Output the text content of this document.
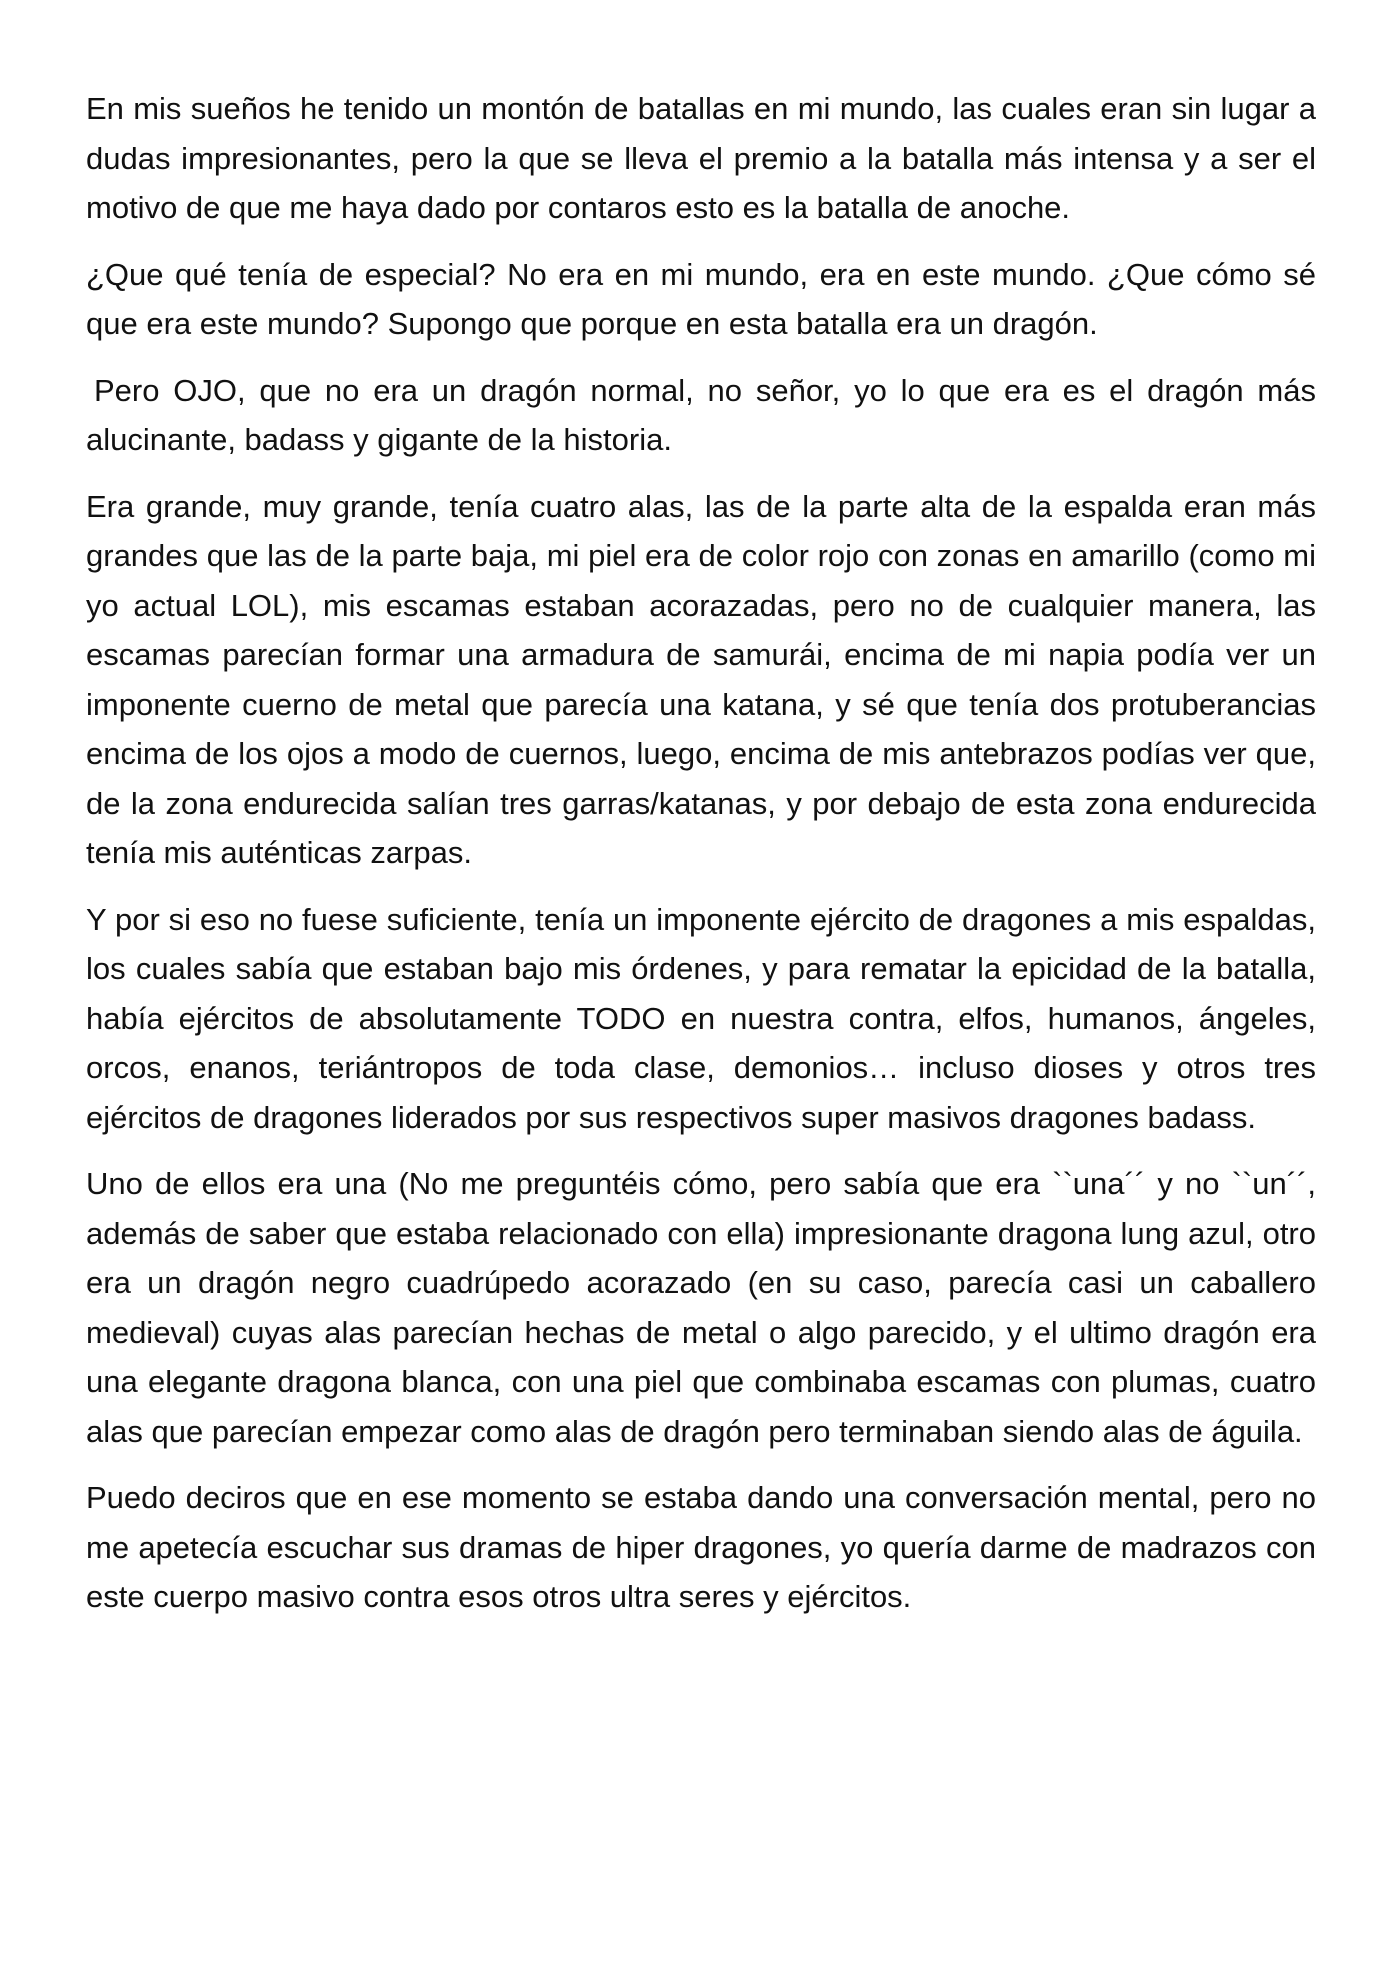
En mis sueños he tenido un montón de batallas en mi mundo, las cuales eran sin lugar a dudas impresionantes, pero la que se lleva el premio a la batalla más intensa y a ser el motivo de que me haya dado por contaros esto es la batalla de anoche.

¿Que qué tenía de especial? No era en mi mundo, era en este mundo. ¿Que cómo sé que era este mundo? Supongo que porque en esta batalla era un dragón.

Pero OJO, que no era un dragón normal, no señor, yo lo que era es el dragón más alucinante, badass y gigante de la historia.

Era grande, muy grande, tenía cuatro alas, las de la parte alta de la espalda eran más grandes que las de la parte baja, mi piel era de color rojo con zonas en amarillo (como mi yo actual LOL), mis escamas estaban acorazadas, pero no de cualquier manera, las escamas parecían formar una armadura de samurái, encima de mi napia podía ver un imponente cuerno de metal que parecía una katana, y sé que tenía dos protuberancias encima de los ojos a modo de cuernos, luego, encima de mis antebrazos podías ver que, de la zona endurecida salían tres garras/katanas, y por debajo de esta zona endurecida tenía mis auténticas zarpas.

Y por si eso no fuese suficiente, tenía un imponente ejército de dragones a mis espaldas, los cuales sabía que estaban bajo mis órdenes, y para rematar la epicidad de la batalla, había ejércitos de absolutamente TODO en nuestra contra, elfos, humanos, ángeles, orcos, enanos, teriántropos de toda clase, demonios… incluso dioses y otros tres ejércitos de dragones liderados por sus respectivos super masivos dragones badass.

Uno de ellos era una (No me preguntéis cómo, pero sabía que era ``una´´ y no ``un´´, además de saber que estaba relacionado con ella) impresionante dragona lung azul, otro era un dragón negro cuadrúpedo acorazado (en su caso, parecía casi un caballero medieval) cuyas alas parecían hechas de metal o algo parecido, y el ultimo dragón era una elegante dragona blanca, con una piel que combinaba escamas con plumas, cuatro alas que parecían empezar como alas de dragón pero terminaban siendo alas de águila.

Puedo deciros que en ese momento se estaba dando una conversación mental, pero no me apetecía escuchar sus dramas de hiper dragones, yo quería darme de madrazos con este cuerpo masivo contra esos otros ultra seres y ejércitos.
